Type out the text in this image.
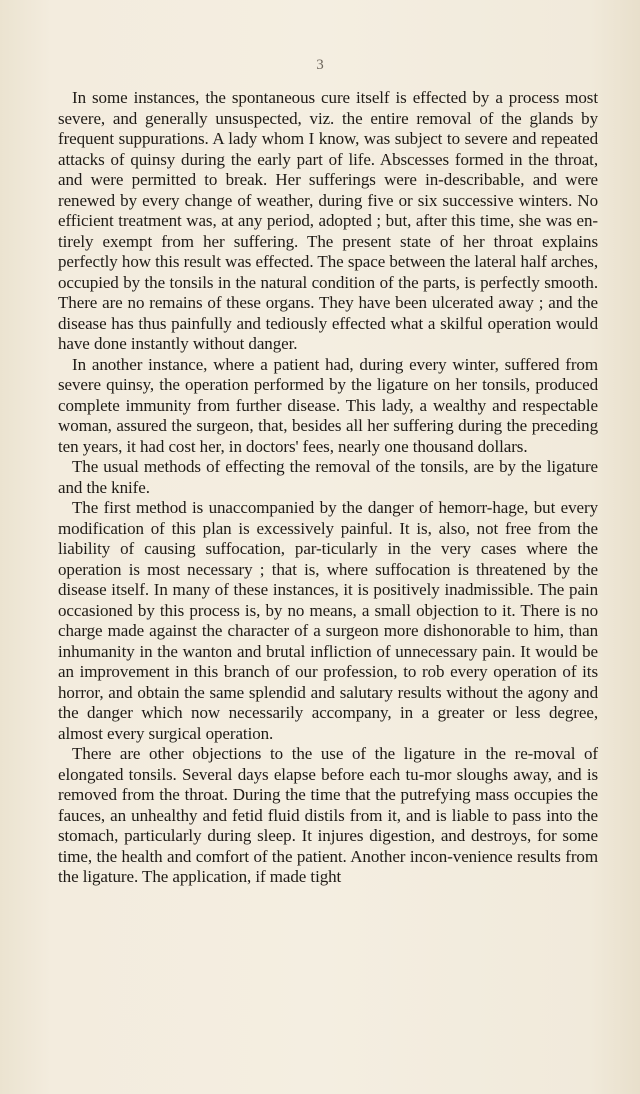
3

In some instances, the spontaneous cure itself is effected by a process most severe, and generally unsuspected, viz. the entire removal of the glands by frequent suppurations. A lady whom I know, was subject to severe and repeated attacks of quinsy during the early part of life. Abscesses formed in the throat, and were permitted to break. Her sufferings were in-describable, and were renewed by every change of weather, during five or six successive winters. No efficient treatment was, at any period, adopted ; but, after this time, she was en-tirely exempt from her suffering. The present state of her throat explains perfectly how this result was effected. The space between the lateral half arches, occupied by the tonsils in the natural condition of the parts, is perfectly smooth. There are no remains of these organs. They have been ulcerated away ; and the disease has thus painfully and tediously effected what a skilful operation would have done instantly without danger.

In another instance, where a patient had, during every winter, suffered from severe quinsy, the operation performed by the ligature on her tonsils, produced complete immunity from further disease. This lady, a wealthy and respectable woman, assured the surgeon, that, besides all her suffering during the preceding ten years, it had cost her, in doctors' fees, nearly one thousand dollars.

The usual methods of effecting the removal of the tonsils, are by the ligature and the knife.

The first method is unaccompanied by the danger of hemorr-hage, but every modification of this plan is excessively painful. It is, also, not free from the liability of causing suffocation, par-ticularly in the very cases where the operation is most necessary ; that is, where suffocation is threatened by the disease itself. In many of these instances, it is positively inadmissible. The pain occasioned by this process is, by no means, a small objection to it. There is no charge made against the character of a surgeon more dishonorable to him, than inhumanity in the wanton and brutal infliction of unnecessary pain. It would be an improvement in this branch of our profession, to rob every operation of its horror, and obtain the same splendid and salutary results without the agony and the danger which now necessarily accompany, in a greater or less degree, almost every surgical operation.

There are other objections to the use of the ligature in the re-moval of elongated tonsils. Several days elapse before each tu-mor sloughs away, and is removed from the throat. During the time that the putrefying mass occupies the fauces, an unhealthy and fetid fluid distils from it, and is liable to pass into the stomach, particularly during sleep. It injures digestion, and destroys, for some time, the health and comfort of the patient. Another incon-venience results from the ligature. The application, if made tight
